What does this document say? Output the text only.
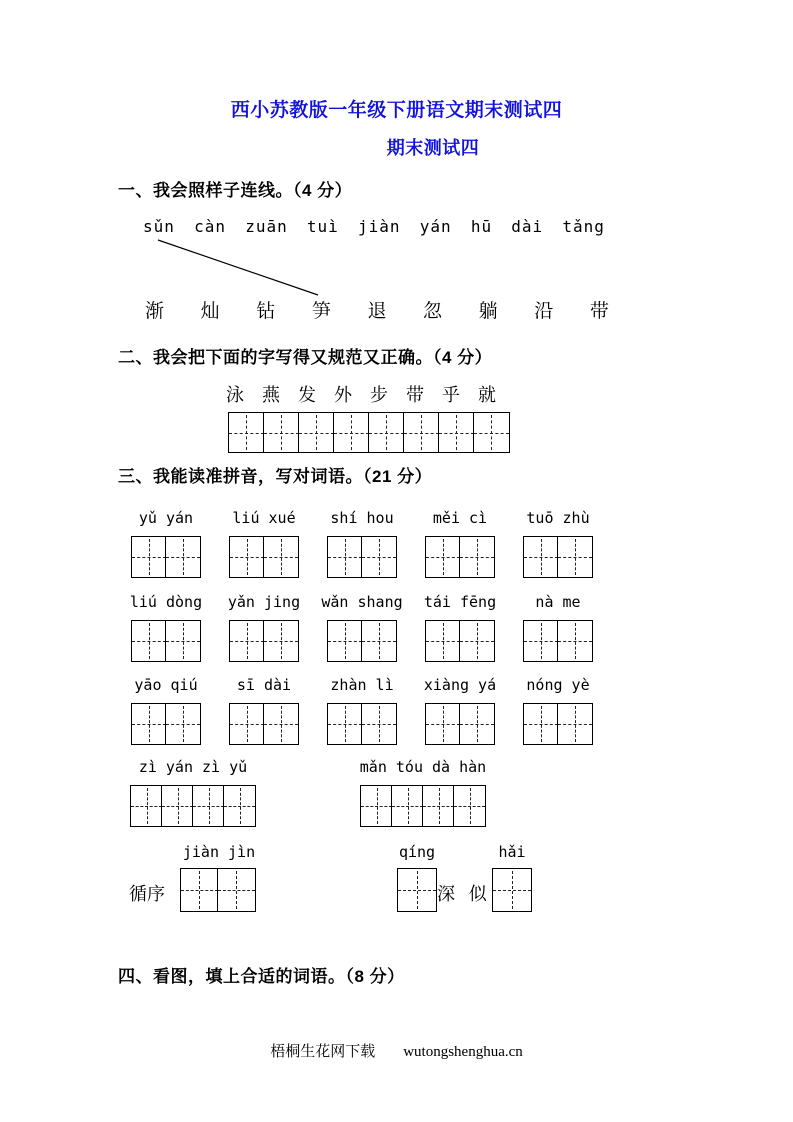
西小苏教版一年级下册语文期末测试四
期末测试四
一、我会照样子连线。（4 分）
sǔn càn zuān tuì jiàn yán hū dài tǎng
渐 灿 钻 笋 退 忽 躺 沿 带
二、我会把下面的字写得又规范又正确。（4 分）
泳 燕 发 外 步 带 乎 就
三、我能读准拼音，写对词语。（21 分）
yǔ yán	liú xué shí hou	měi cì	tuō zhù
liú dòng yǎn jing wǎn shang tái fēng	nà me
yāo qiú	sī dài	zhàn lì xiàng yá nóng yè
zì yán zì yǔ	mǎn tóu dà hàn
jiàn jìn	qíng	hǎi
循序	深 似
四、看图，填上合适的词语。（8 分）
梧桐生花网下载 wutongshenghua.cn
